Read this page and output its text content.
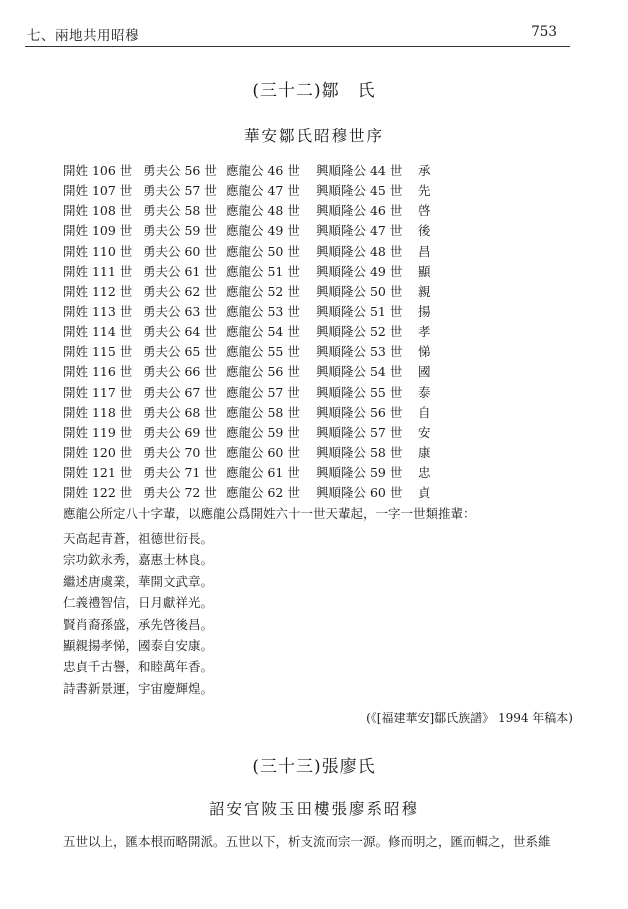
七、兩地共用昭穆	753
(三十二)鄒　氏
華安鄒氏昭穆世序
開姓 106 世	勇夫公 56 世	應龍公 46 世	興順隆公 44 世	承
開姓 107 世	勇夫公 57 世	應龍公 47 世	興順隆公 45 世	先
開姓 108 世	勇夫公 58 世	應龍公 48 世	興順隆公 46 世	啓
開姓 109 世	勇夫公 59 世	應龍公 49 世	興順隆公 47 世	後
開姓 110 世	勇夫公 60 世	應龍公 50 世	興順隆公 48 世	昌
開姓 111 世	勇夫公 61 世	應龍公 51 世	興順隆公 49 世	顯
開姓 112 世	勇夫公 62 世	應龍公 52 世	興順隆公 50 世	親
開姓 113 世	勇夫公 63 世	應龍公 53 世	興順隆公 51 世	揚
開姓 114 世	勇夫公 64 世	應龍公 54 世	興順隆公 52 世	孝
開姓 115 世	勇夫公 65 世	應龍公 55 世	興順隆公 53 世	悌
開姓 116 世	勇夫公 66 世	應龍公 56 世	興順隆公 54 世	國
開姓 117 世	勇夫公 67 世	應龍公 57 世	興順隆公 55 世	泰
開姓 118 世	勇夫公 68 世	應龍公 58 世	興順隆公 56 世	自
開姓 119 世	勇夫公 69 世	應龍公 59 世	興順隆公 57 世	安
開姓 120 世	勇夫公 70 世	應龍公 60 世	興順隆公 58 世	康
開姓 121 世	勇夫公 71 世	應龍公 61 世	興順隆公 59 世	忠
開姓 122 世	勇夫公 72 世	應龍公 62 世	興順隆公 60 世	貞
應龍公所定八十字輩，以應龍公爲開姓六十一世天輩起，一字一世類推輩：
天高起青蒼，祖德世衍長。
宗功欽永秀，嘉惠士林良。
繼述唐虞業，華開文武章。
仁義禮智信，日月獻祥光。
賢肖裔孫盛，承先啓後昌。
顯親揚孝悌，國泰自安康。
忠貞千古譽，和睦萬年香。
詩書新景運，宇宙慶輝煌。
(《[福建華安]鄒氏族譜》 1994 年稿本)
(三十三)張廖氏
詔安官陂玉田樓張廖系昭穆
五世以上，匯本根而略開派。五世以下，析支流而宗一源。修而明之，匯而輯之，世系維
